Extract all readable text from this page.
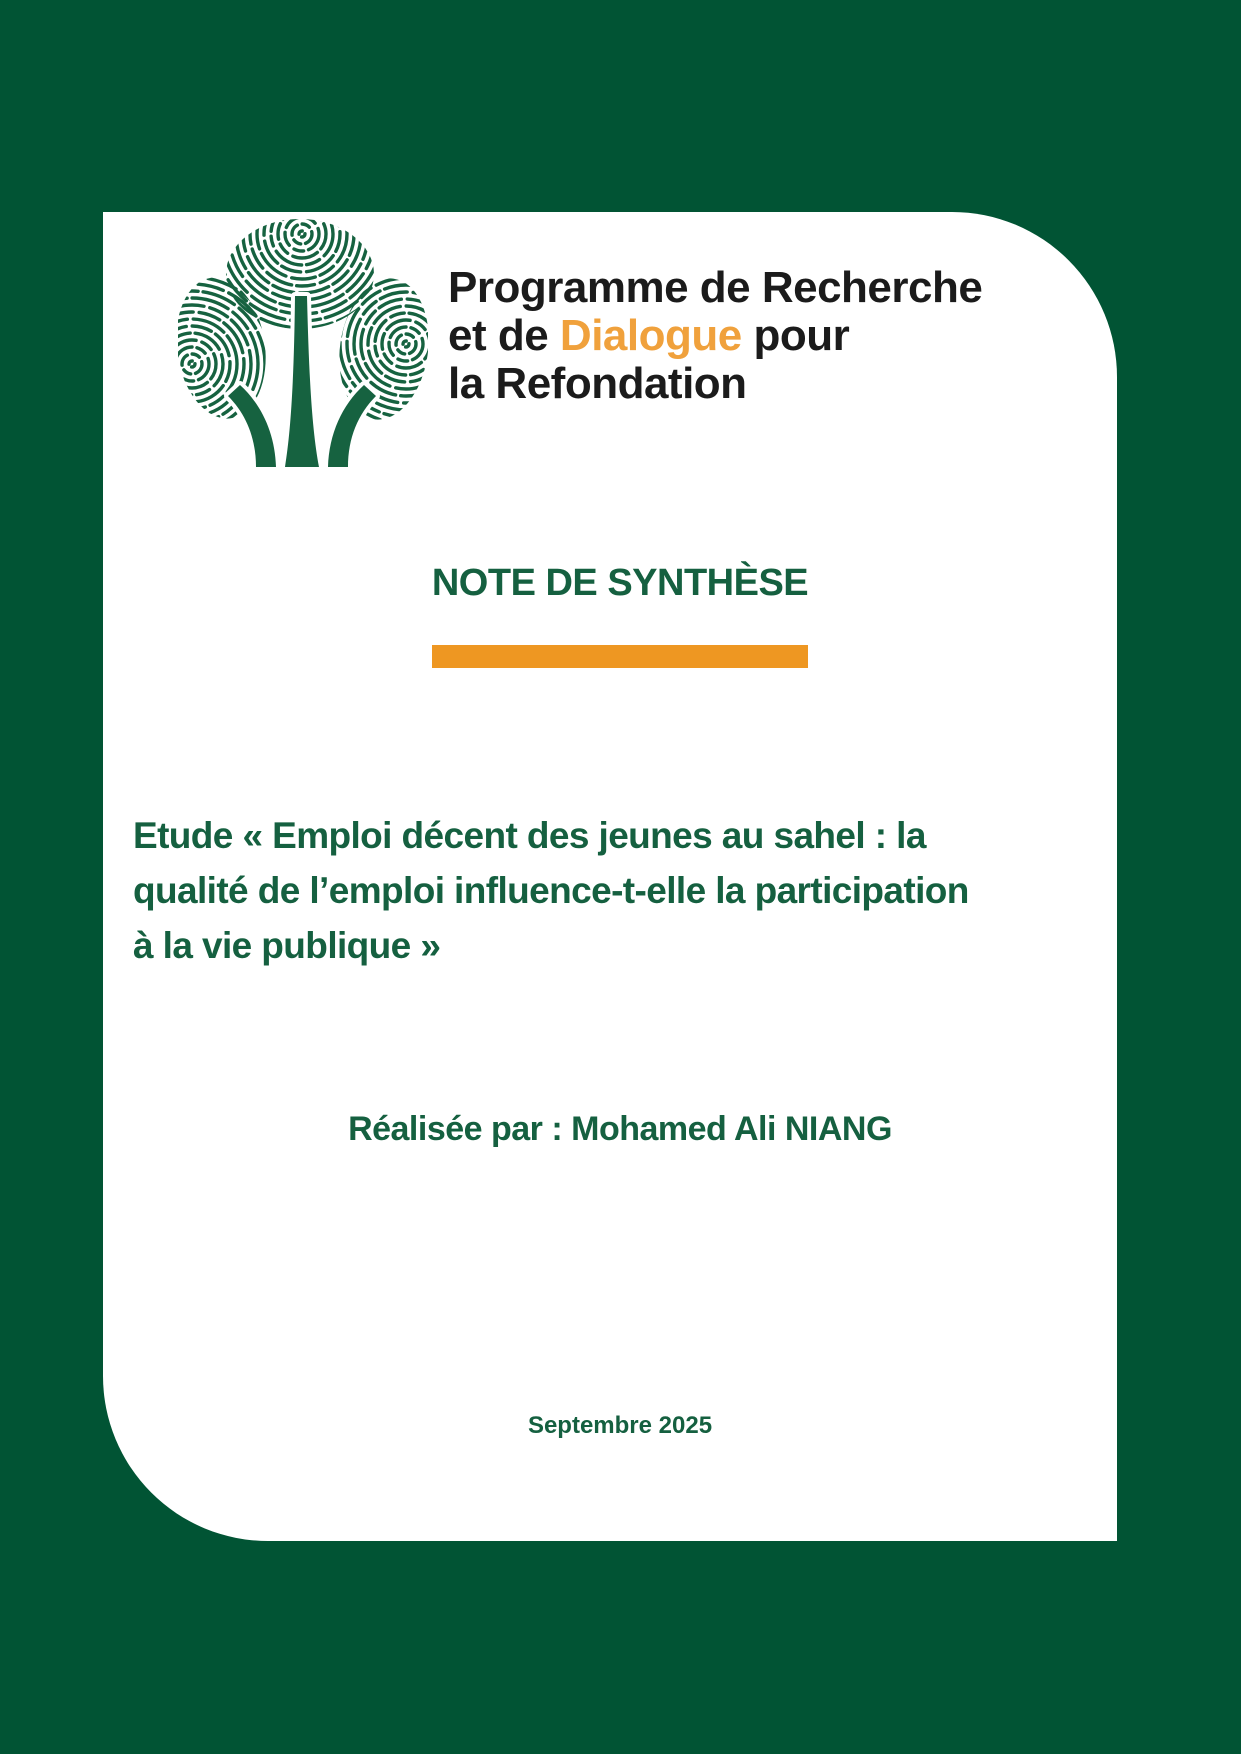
Programme de Recherche
et de Dialogue pour
la Refondation
NOTE DE SYNTHÈSE
Etude « Emploi décent des jeunes au sahel : la
qualité de l’emploi influence-t-elle la participation
à la vie publique »
Réalisée par : Mohamed Ali NIANG
Septembre 2025
